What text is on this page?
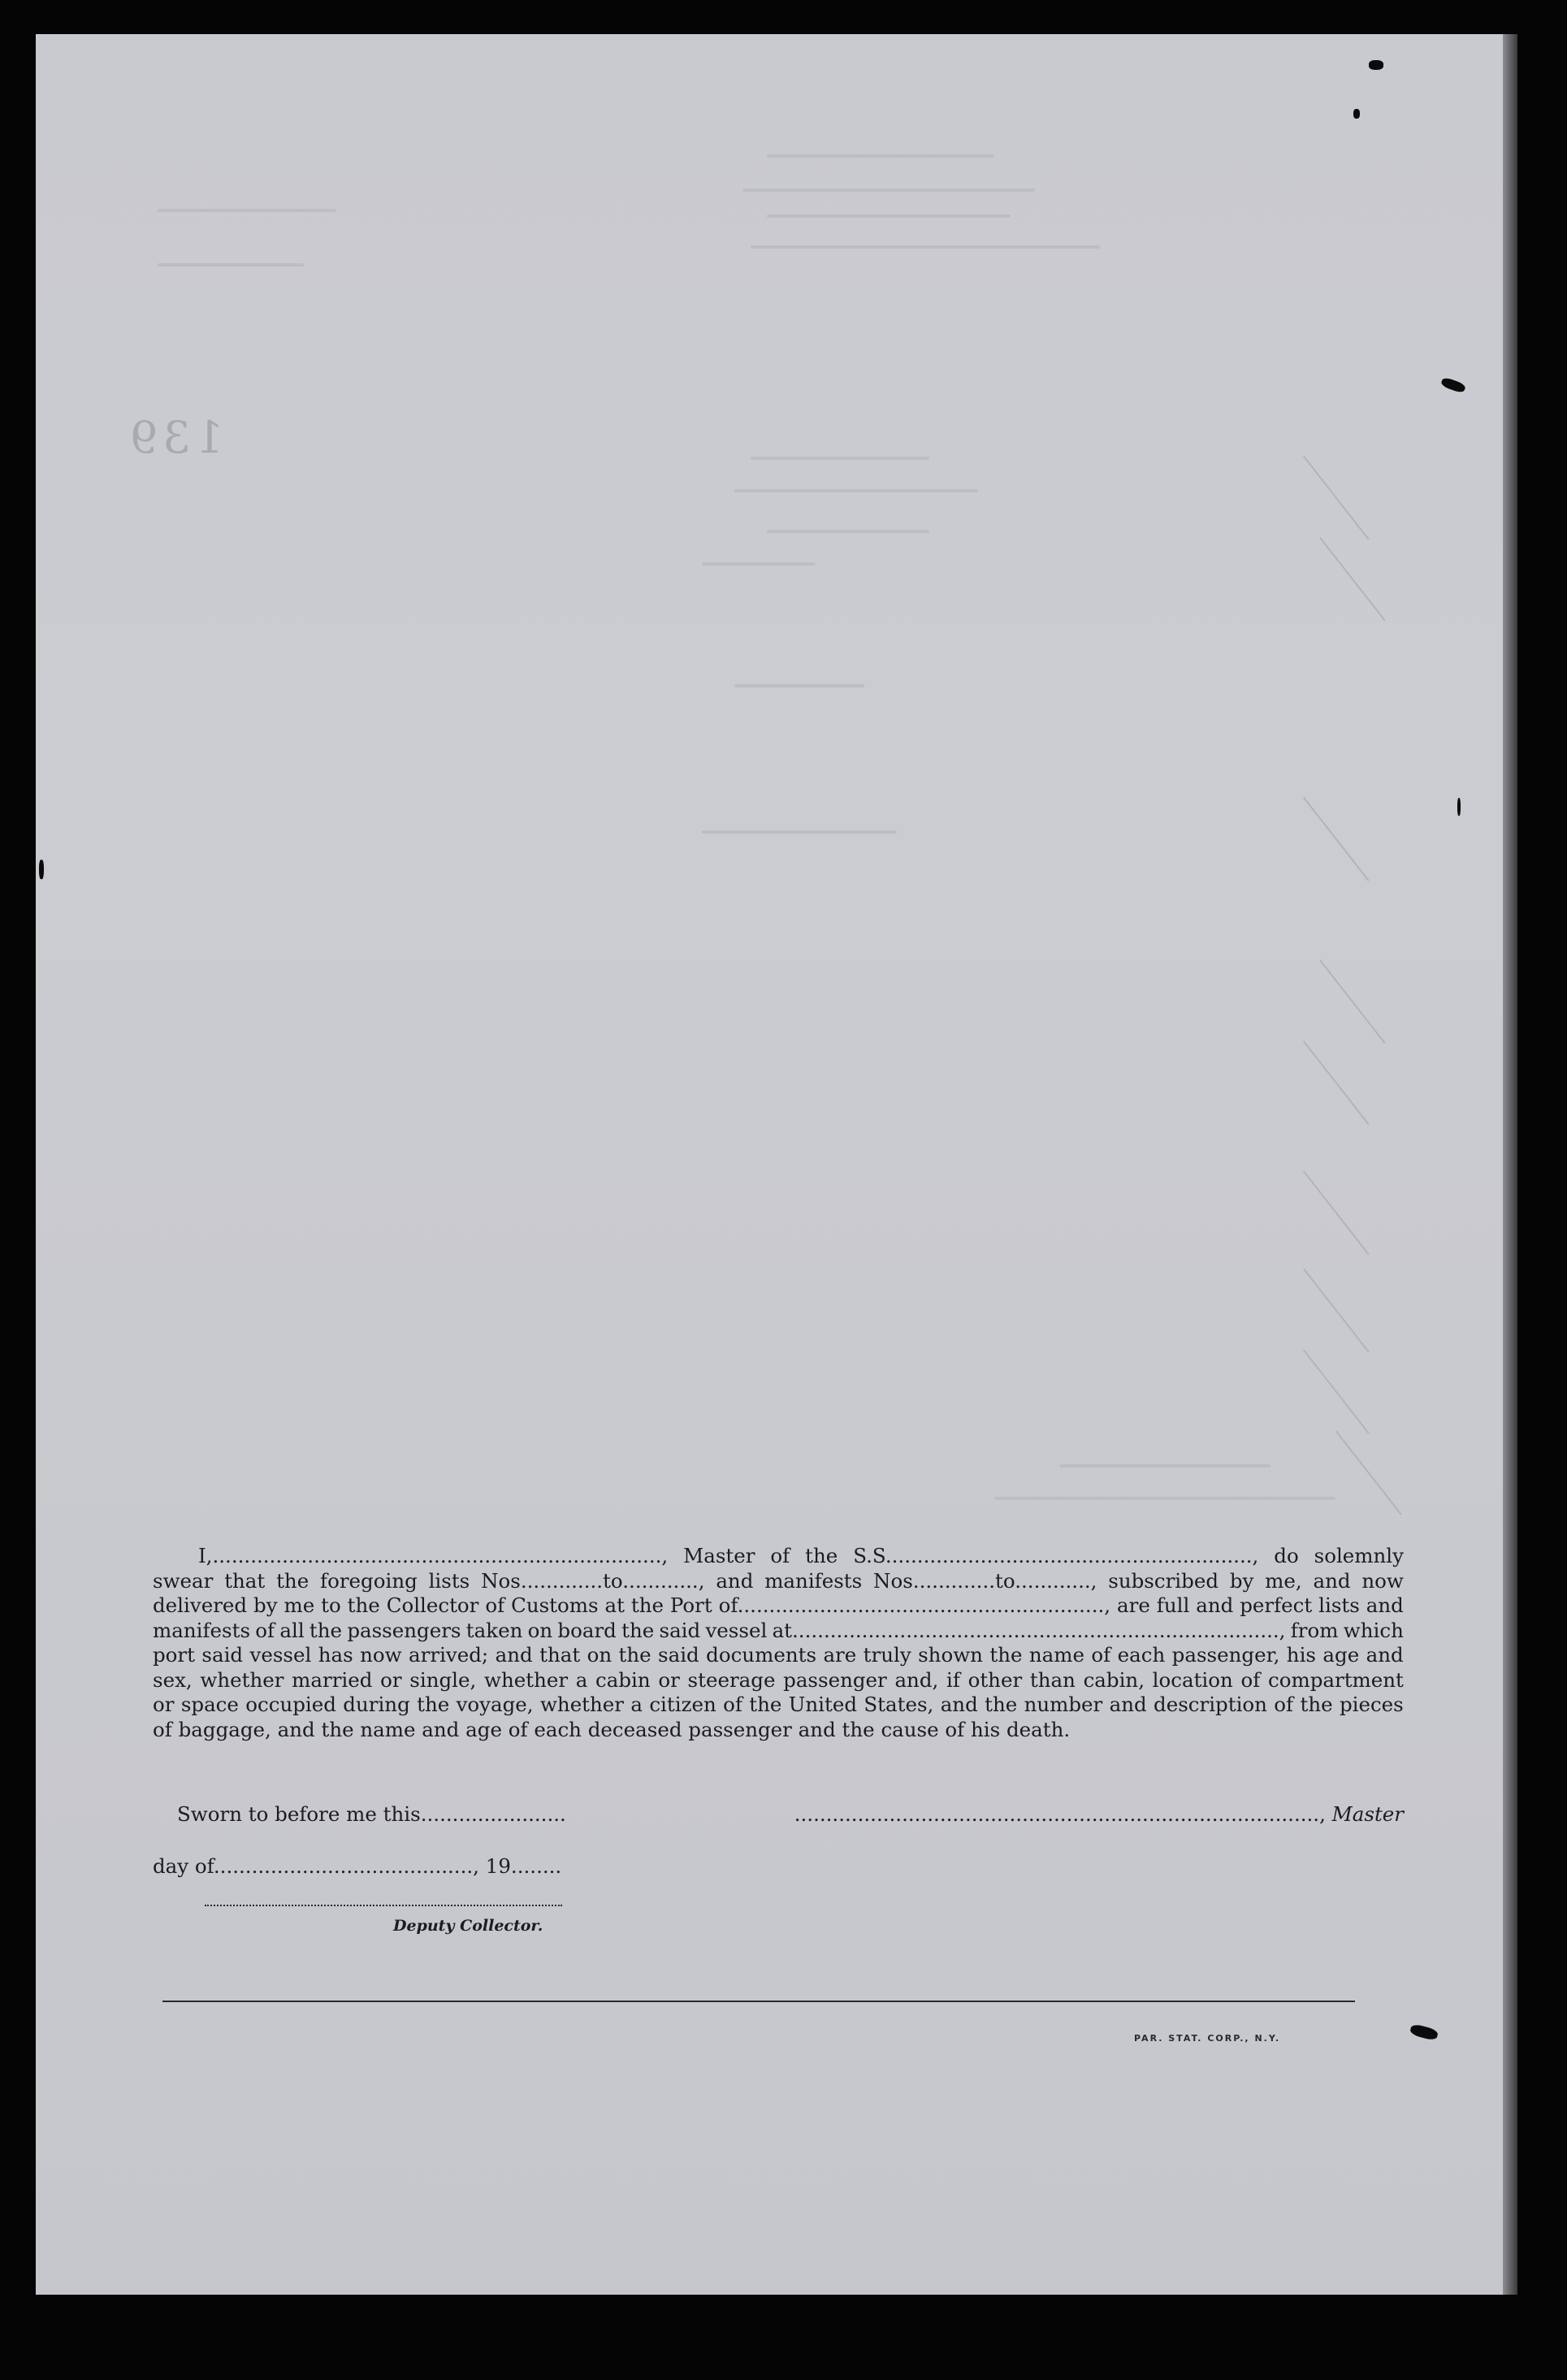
139
I,......................................................................., Master of the S.S.........................................................., do solemnly
swear that the foregoing lists Nos.............to............, and manifests Nos.............to............, subscribed by me, and now
delivered by me to the Collector of Customs at the Port of.........................................................., are full and perfect lists and
manifests of all the passengers taken on board the said vessel at............................................................................., from which
port said vessel has now arrived; and that on the said documents are truly shown the name of each passenger, his age and
sex, whether married or single, whether a cabin or steerage passenger and, if other than cabin, location of compartment
or space occupied during the voyage, whether a citizen of the United States, and the number and description of the pieces
of baggage, and the name and age of each deceased passenger and the cause of his death.
Sworn to before me this.......................	..................................................................................., Master
day of........................................., 19........
Deputy Collector.
PAR. STAT. CORP., N.Y.
